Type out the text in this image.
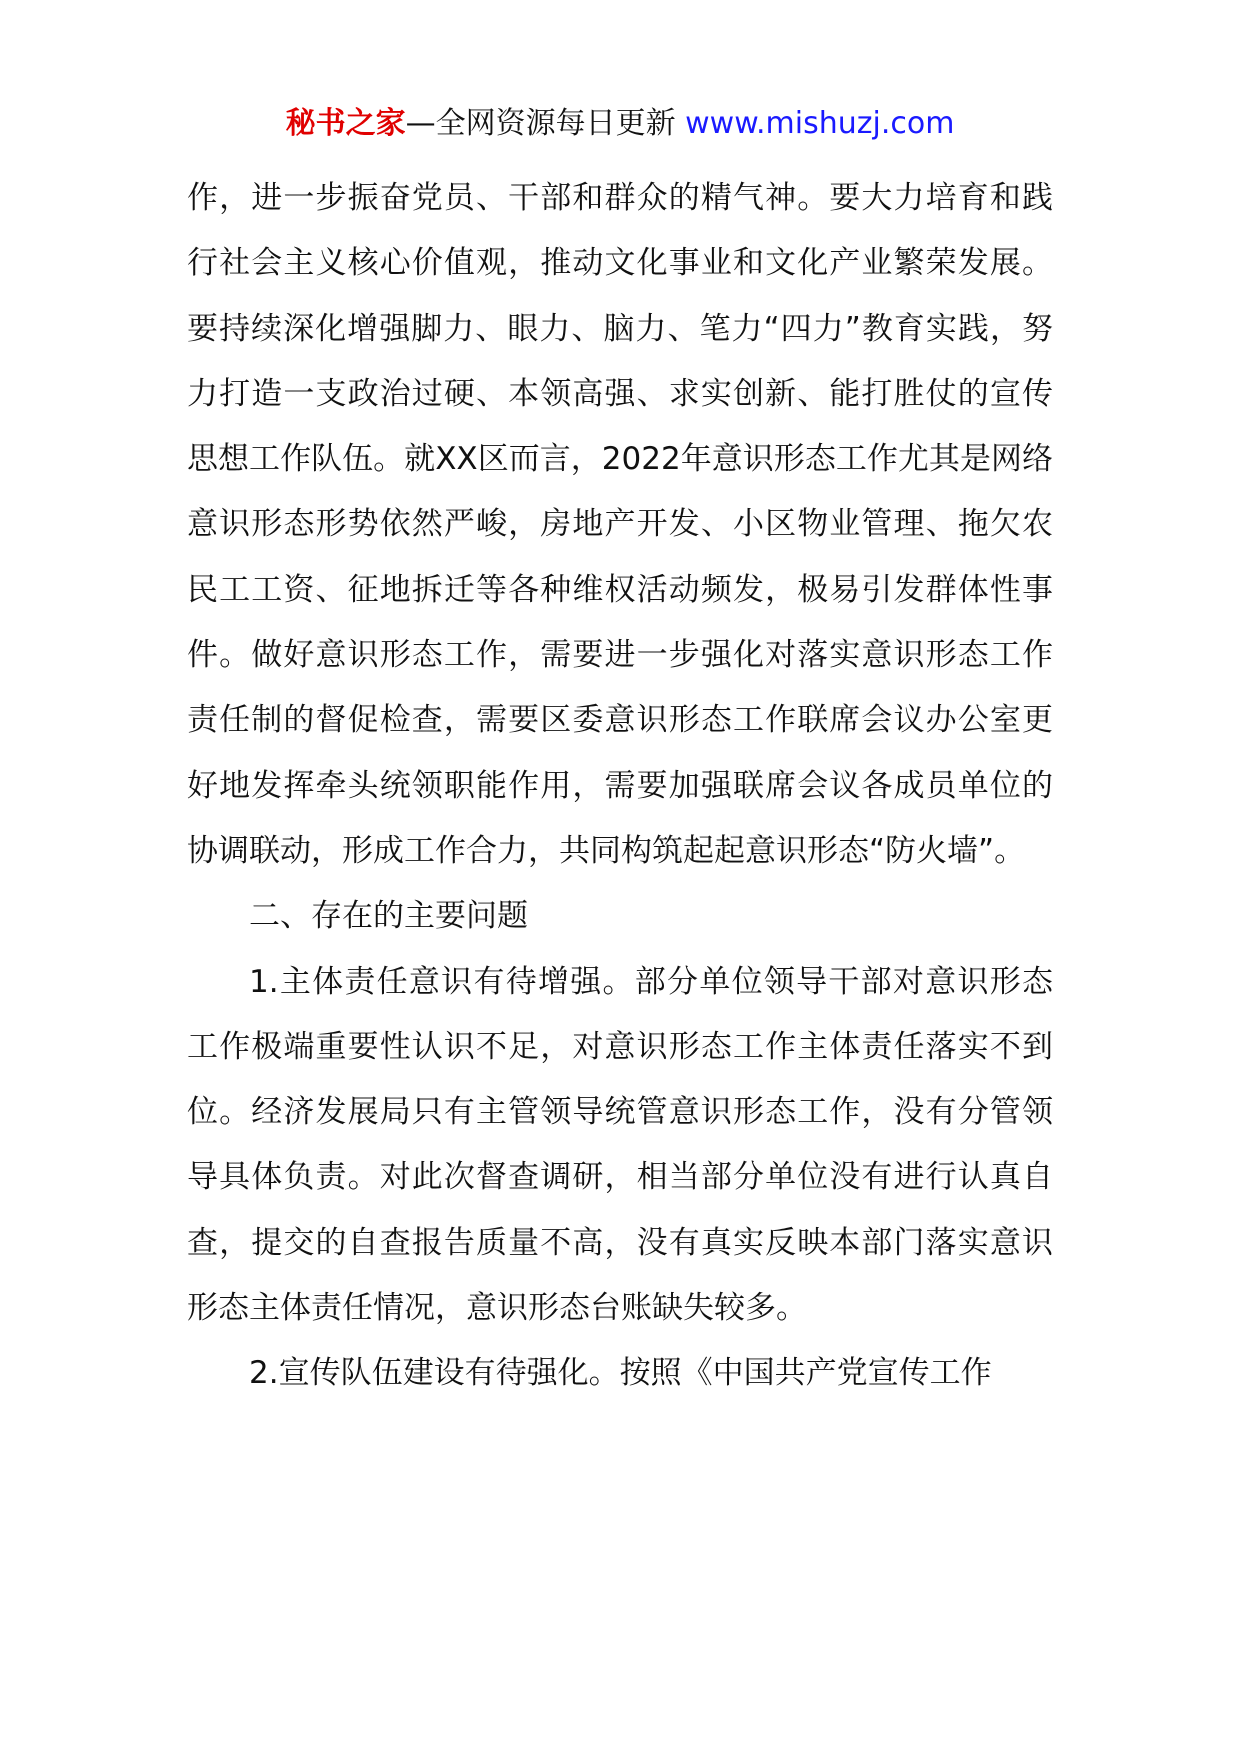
秘书之家—全网资源每日更新 www.mishuzj.com

作，进一步振奋党员、干部和群众的精气神。要大力培育和践行社会主义核心价值观，推动文化事业和文化产业繁荣发展。要持续深化增强脚力、眼力、脑力、笔力“四力”教育实践，努力打造一支政治过硬、本领高强、求实创新、能打胜仗的宣传思想工作队伍。就XX区而言，2022年意识形态工作尤其是网络意识形态形势依然严峻，房地产开发、小区物业管理、拖欠农民工工资、征地拆迁等各种维权活动频发，极易引发群体性事件。做好意识形态工作，需要进一步强化对落实意识形态工作责任制的督促检查，需要区委意识形态工作联席会议办公室更好地发挥牵头统领职能作用，需要加强联席会议各成员单位的协调联动，形成工作合力，共同构筑起起意识形态“防火墙”。

二、存在的主要问题

1.主体责任意识有待增强。部分单位领导干部对意识形态工作极端重要性认识不足，对意识形态工作主体责任落实不到位。经济发展局只有主管领导统管意识形态工作，没有分管领导具体负责。对此次督查调研，相当部分单位没有进行认真自查，提交的自查报告质量不高，没有真实反映本部门落实意识形态主体责任情况，意识形态台账缺失较多。

2.宣传队伍建设有待强化。按照《中国共产党宣传工作
